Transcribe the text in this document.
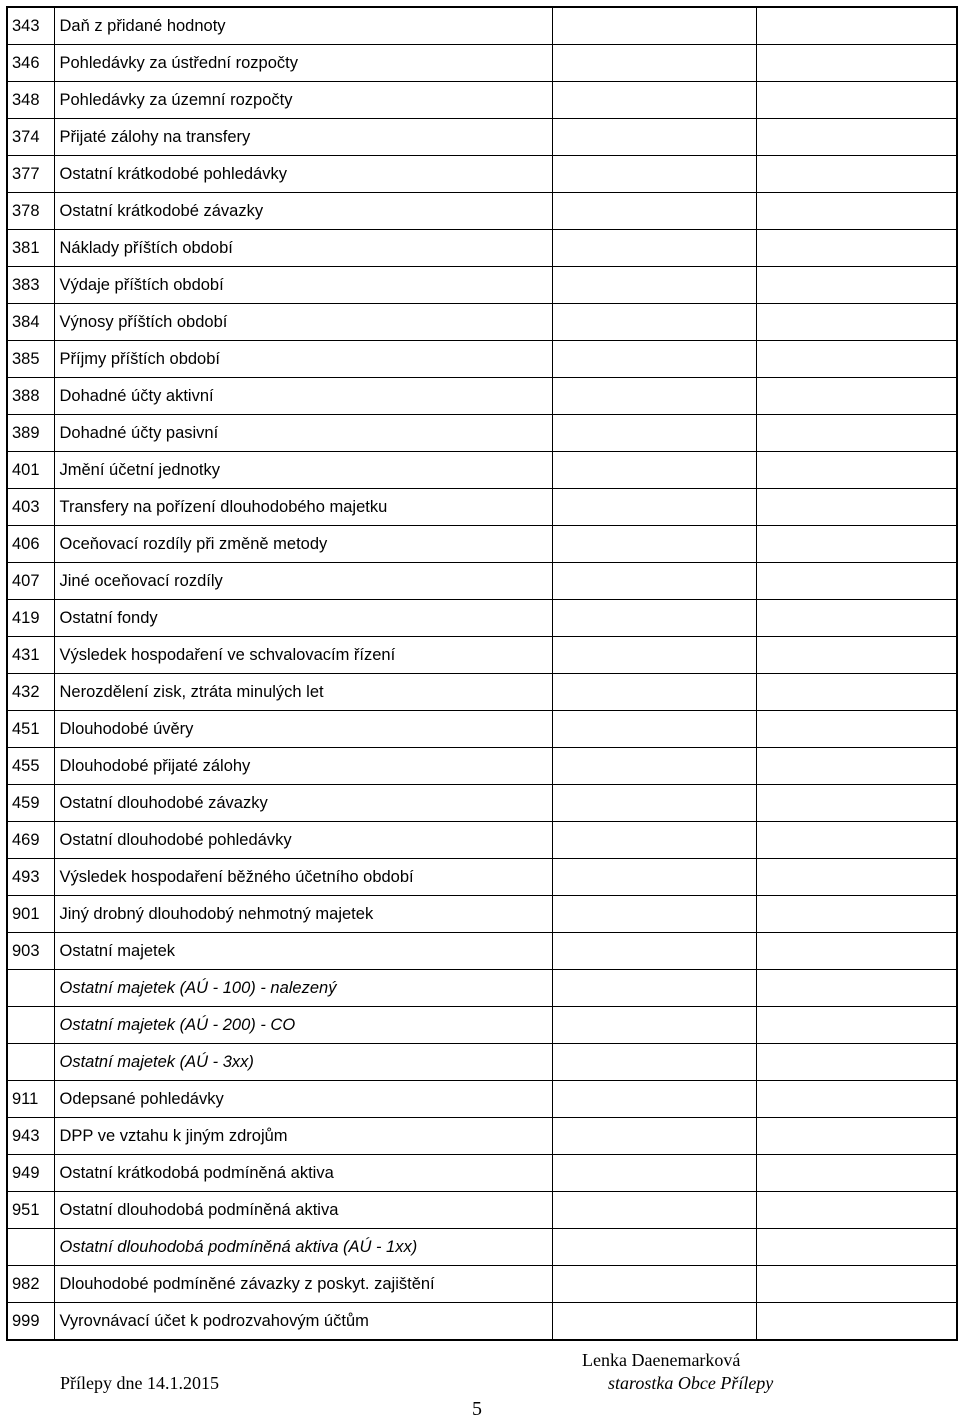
343	Daň z přidané hodnoty		
346	Pohledávky za ústřední rozpočty		
348	Pohledávky za územní rozpočty		
374	Přijaté zálohy na transfery		
377	Ostatní krátkodobé pohledávky		
378	Ostatní krátkodobé závazky		
381	Náklady příštích období		
383	Výdaje příštích období		
384	Výnosy příštích období		
385	Příjmy příštích období		
388	Dohadné účty aktivní		
389	Dohadné účty pasivní		
401	Jmění účetní jednotky		
403	Transfery na pořízení dlouhodobého majetku		
406	Oceňovací rozdíly při změně metody		
407	Jiné oceňovací rozdíly		
419	Ostatní fondy		
431	Výsledek hospodaření ve schvalovacím řízení		
432	Nerozdělení zisk, ztráta minulých let		
451	Dlouhodobé úvěry		
455	Dlouhodobé přijaté zálohy		
459	Ostatní dlouhodobé závazky		
469	Ostatní dlouhodobé pohledávky		
493	Výsledek hospodaření běžného účetního období		
901	Jiný drobný dlouhodobý nehmotný majetek		
903	Ostatní majetek		
	Ostatní majetek (AÚ - 100) - nalezený		
	Ostatní majetek (AÚ - 200) - CO		
	Ostatní majetek (AÚ - 3xx)		
911	Odepsané pohledávky		
943	DPP ve vztahu k jiným zdrojům		
949	Ostatní krátkodobá podmíněná aktiva		
951	Ostatní dlouhodobá podmíněná aktiva		
	Ostatní dlouhodobá podmíněná aktiva (AÚ - 1xx)		
982	Dlouhodobé podmíněné závazky z poskyt. zajištění		
999	Vyrovnávací účet k podrozvahovým účtům		
Přílepy dne 14.1.2015
Lenka Daenemarková
starostka Obce Přílepy
5
